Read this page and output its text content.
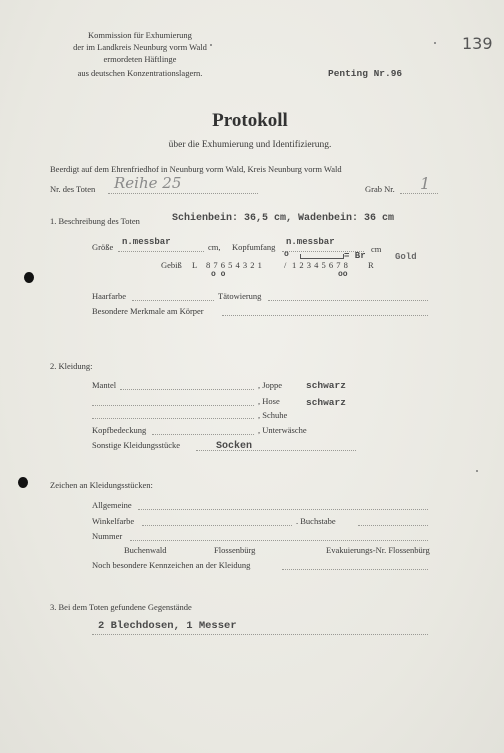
Kommission für Exhumierung
der im Landkreis Neunburg vorm Wald
ermordeten Häftlinge
aus deutschen Konzentrationslagern.
139
Penting Nr.96
Protokoll
über die Exhumierung und Identifizierung.
Beerdigt auf dem Ehrenfriedhof in Neunburg vorm Wald, Kreis Neunburg vorm Wald
Nr. des Toten Reihe 25	Grab Nr. 1
1. Beschreibung des Toten	Schienbein: 36,5 cm, Wadenbein: 36 cm
Größe n.messbar	cm, Kopfumfang n.messbar
cm
o	= Br	Gold
Gebiß L 8 7 6 5 4 3 2 1	/ 1 2 3 4 5 6 7 8 R
o o	oo
Haarfarbe	Tätowierung
Besondere Merkmale am Körper
2. Kleidung:
Mantel	, Joppe	schwarz
, Hose	schwarz
, Schuhe
Kopfbedeckung	, Unterwäsche
Sonstige Kleidungsstücke	Socken
Zeichen an Kleidungsstücken:
Allgemeine
Winkelfarbe	. Buchstabe
Nummer
Buchenwald	Flossenbürg	Evakuierungs-Nr. Flossenbürg
Noch besondere Kennzeichen an der Kleidung
3. Bei dem Toten gefundene Gegenstände
2 Blechdosen, 1 Messer
